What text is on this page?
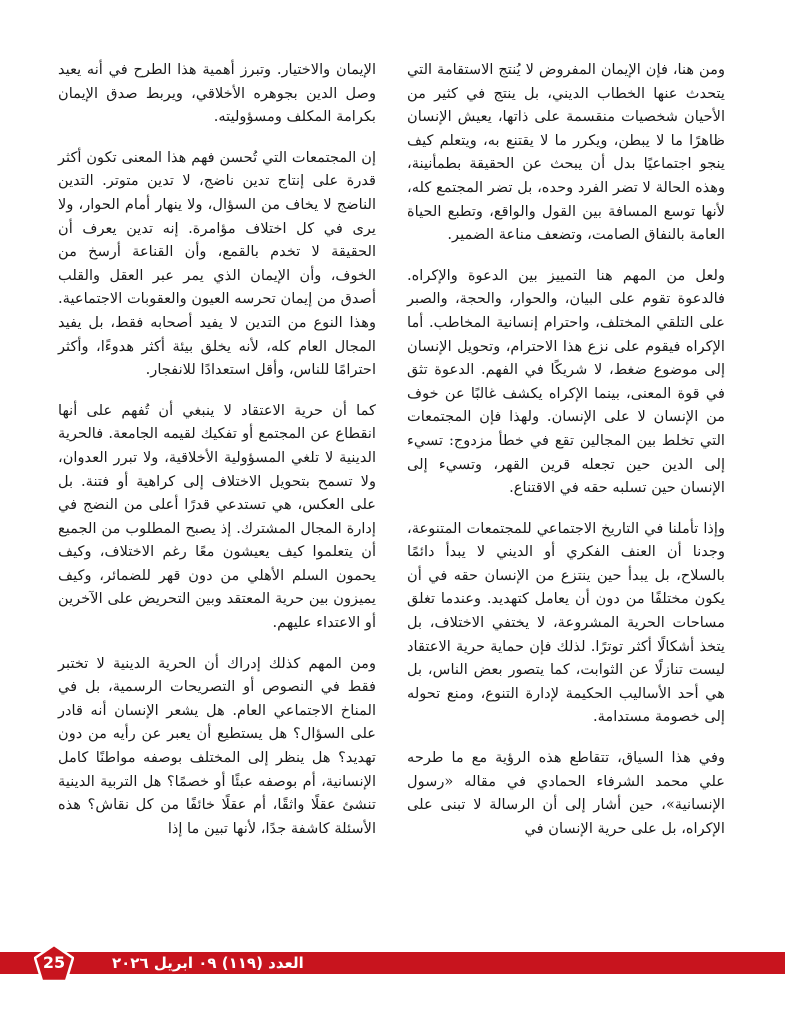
ومن هنا، فإن الإيمان المفروض لا يُنتج الاستقامة التي يتحدث عنها الخطاب الديني، بل ينتج في كثير من الأحيان شخصيات منقسمة على ذاتها، يعيش الإنسان ظاهرًا ما لا يبطن، ويكرر ما لا يقتنع به، ويتعلم كيف ينجو اجتماعيًا بدل أن يبحث عن الحقيقة بطمأنينة، وهذه الحالة لا تضر الفرد وحده، بل تضر المجتمع كله، لأنها توسع المسافة بين القول والواقع، وتطبع الحياة العامة بالنفاق الصامت، وتضعف مناعة الضمير.

ولعل من المهم هنا التمييز بين الدعوة والإكراه. فالدعوة تقوم على البيان، والحوار، والحجة، والصبر على التلقي المختلف، واحترام إنسانية المخاطب. أما الإكراه فيقوم على نزع هذا الاحترام، وتحويل الإنسان إلى موضوع ضغط، لا شريكًا في الفهم. الدعوة تثق في قوة المعنى، بينما الإكراه يكشف غالبًا عن خوف من الإنسان لا على الإنسان. ولهذا فإن المجتمعات التي تخلط بين المجالين تقع في خطأ مزدوج: تسيء إلى الدين حين تجعله قرين القهر، وتسيء إلى الإنسان حين تسلبه حقه في الاقتناع.

وإذا تأملنا في التاريخ الاجتماعي للمجتمعات المتنوعة، وجدنا أن العنف الفكري أو الديني لا يبدأ دائمًا بالسلاح، بل يبدأ حين ينتزع من الإنسان حقه في أن يكون مختلفًا من دون أن يعامل كتهديد. وعندما تغلق مساحات الحرية المشروعة، لا يختفي الاختلاف، بل يتخذ أشكالًا أكثر توترًا. لذلك فإن حماية حرية الاعتقاد ليست تنازلًا عن الثوابت، كما يتصور بعض الناس، بل هي أحد الأساليب الحكيمة لإدارة التنوع، ومنع تحوله إلى خصومة مستدامة.

وفي هذا السياق، تتقاطع هذه الرؤية مع ما طرحه علي محمد الشرفاء الحمادي في مقاله «رسول الإنسانية»، حين أشار إلى أن الرسالة لا تبنى على الإكراه، بل على حرية الإنسان في

الإيمان والاختيار. وتبرز أهمية هذا الطرح في أنه يعيد وصل الدين بجوهره الأخلاقي، ويربط صدق الإيمان بكرامة المكلف ومسؤوليته.

إن المجتمعات التي تُحسن فهم هذا المعنى تكون أكثر قدرة على إنتاج تدين ناضج، لا تدين متوتر. التدين الناضج لا يخاف من السؤال، ولا ينهار أمام الحوار، ولا يرى في كل اختلاف مؤامرة. إنه تدين يعرف أن الحقيقة لا تخدم بالقمع، وأن القناعة أرسخ من الخوف، وأن الإيمان الذي يمر عبر العقل والقلب أصدق من إيمان تحرسه العيون والعقوبات الاجتماعية. وهذا النوع من التدين لا يفيد أصحابه فقط، بل يفيد المجال العام كله، لأنه يخلق بيئة أكثر هدوءًا، وأكثر احترامًا للناس، وأقل استعدادًا للانفجار.

كما أن حرية الاعتقاد لا ينبغي أن تُفهم على أنها انقطاع عن المجتمع أو تفكيك لقيمه الجامعة. فالحرية الدينية لا تلغي المسؤولية الأخلاقية، ولا تبرر العدوان، ولا تسمح بتحويل الاختلاف إلى كراهية أو فتنة. بل على العكس، هي تستدعي قدرًا أعلى من النضج في إدارة المجال المشترك. إذ يصبح المطلوب من الجميع أن يتعلموا كيف يعيشون معًا رغم الاختلاف، وكيف يحمون السلم الأهلي من دون قهر للضمائر، وكيف يميزون بين حرية المعتقد وبين التحريض على الآخرين أو الاعتداء عليهم.

ومن المهم كذلك إدراك أن الحرية الدينية لا تختبر فقط في النصوص أو التصريحات الرسمية، بل في المناخ الاجتماعي العام. هل يشعر الإنسان أنه قادر على السؤال؟ هل يستطيع أن يعبر عن رأيه من دون تهديد؟ هل ينظر إلى المختلف بوصفه مواطنًا كامل الإنسانية، أم بوصفه عبئًا أو خصمًا؟ هل التربية الدينية تنشئ عقلًا واثقًا، أم عقلًا خائفًا من كل نقاش؟ هذه الأسئلة كاشفة جدًا، لأنها تبين ما إذا

العدد (١١٩) ٠٩ ابريل ٢٠٢٦
25
